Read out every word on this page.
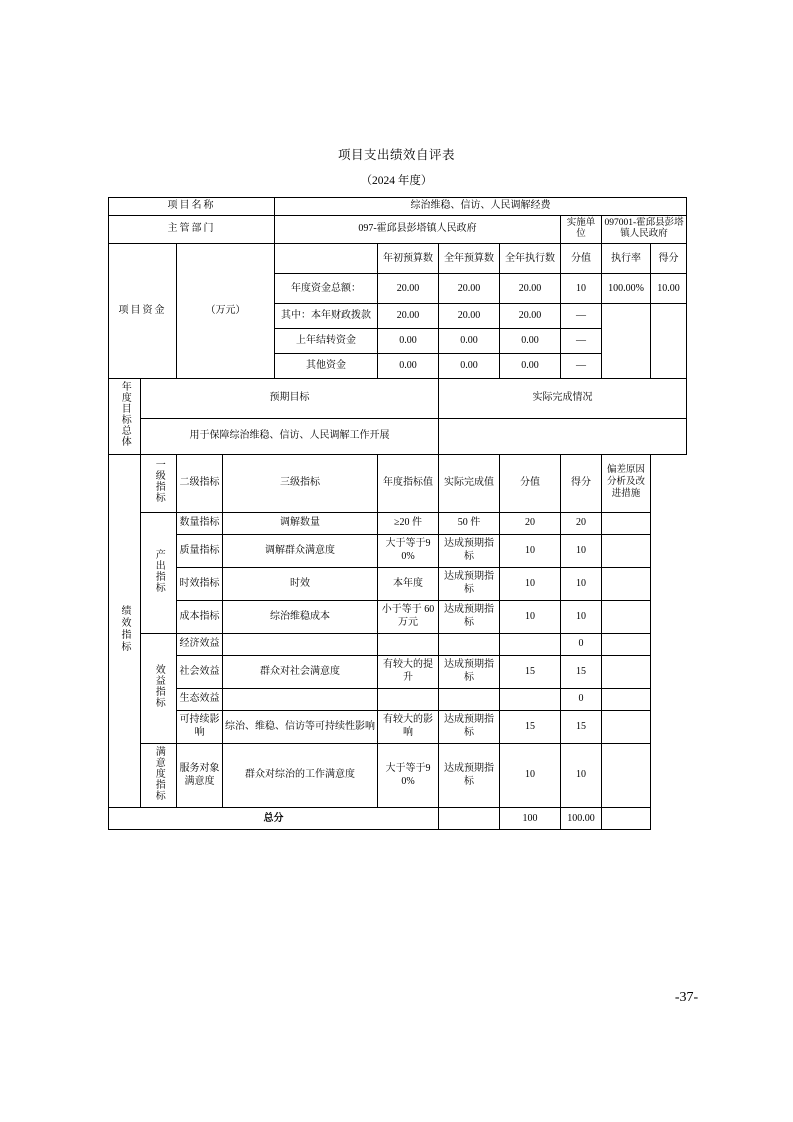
项目支出绩效自评表
（2024 年度）
项目名称				综治维稳、信访、人民调解经费						
主管部门				097-霍邱县彭塔镇人民政府				实施单位	097001-霍邱县彭塔镇人民政府	
项目资金		（万元）			年初预算数	全年预算数	全年执行数	分值	执行率	得分
				年度资金总额：	20.00	20.00	20.00	10	100.00%	10.00
				其中：本年财政拨款	20.00	20.00	20.00	—		
				上年结转资金	0.00	0.00	0.00	—		
				其他资金	0.00	0.00	0.00	—		
年度目标总体	预期目标					实际完成情况				
	用于保障综治维稳、信访、人民调解工作开展									
绩效指标	一级指标	二级指标	三级指标		年度指标值	实际完成值	分值	得分	偏差原因分析及改进措施	
	产出指标	数量指标	调解数量		≥20 件	50 件	20	20		
		质量指标	调解群众满意度		大于等于90%	达成预期指标	10	10		
		时效指标	时效		本年度	达成预期指标	10	10		
		成本指标	综治维稳成本		小于等于 60 万元	达成预期指标	10	10		
	效益指标	经济效益						0		
		社会效益	群众对社会满意度		有较大的提升	达成预期指标	15	15		
		生态效益						0		
		可持续影响	综治、维稳、信访等可持续性影响		有较大的影响	达成预期指标	15	15		
	满意度指标	服务对象满意度	群众对综治的工作满意度		大于等于90%	达成预期指标	10	10		
总分							100	100.00		
-37-
